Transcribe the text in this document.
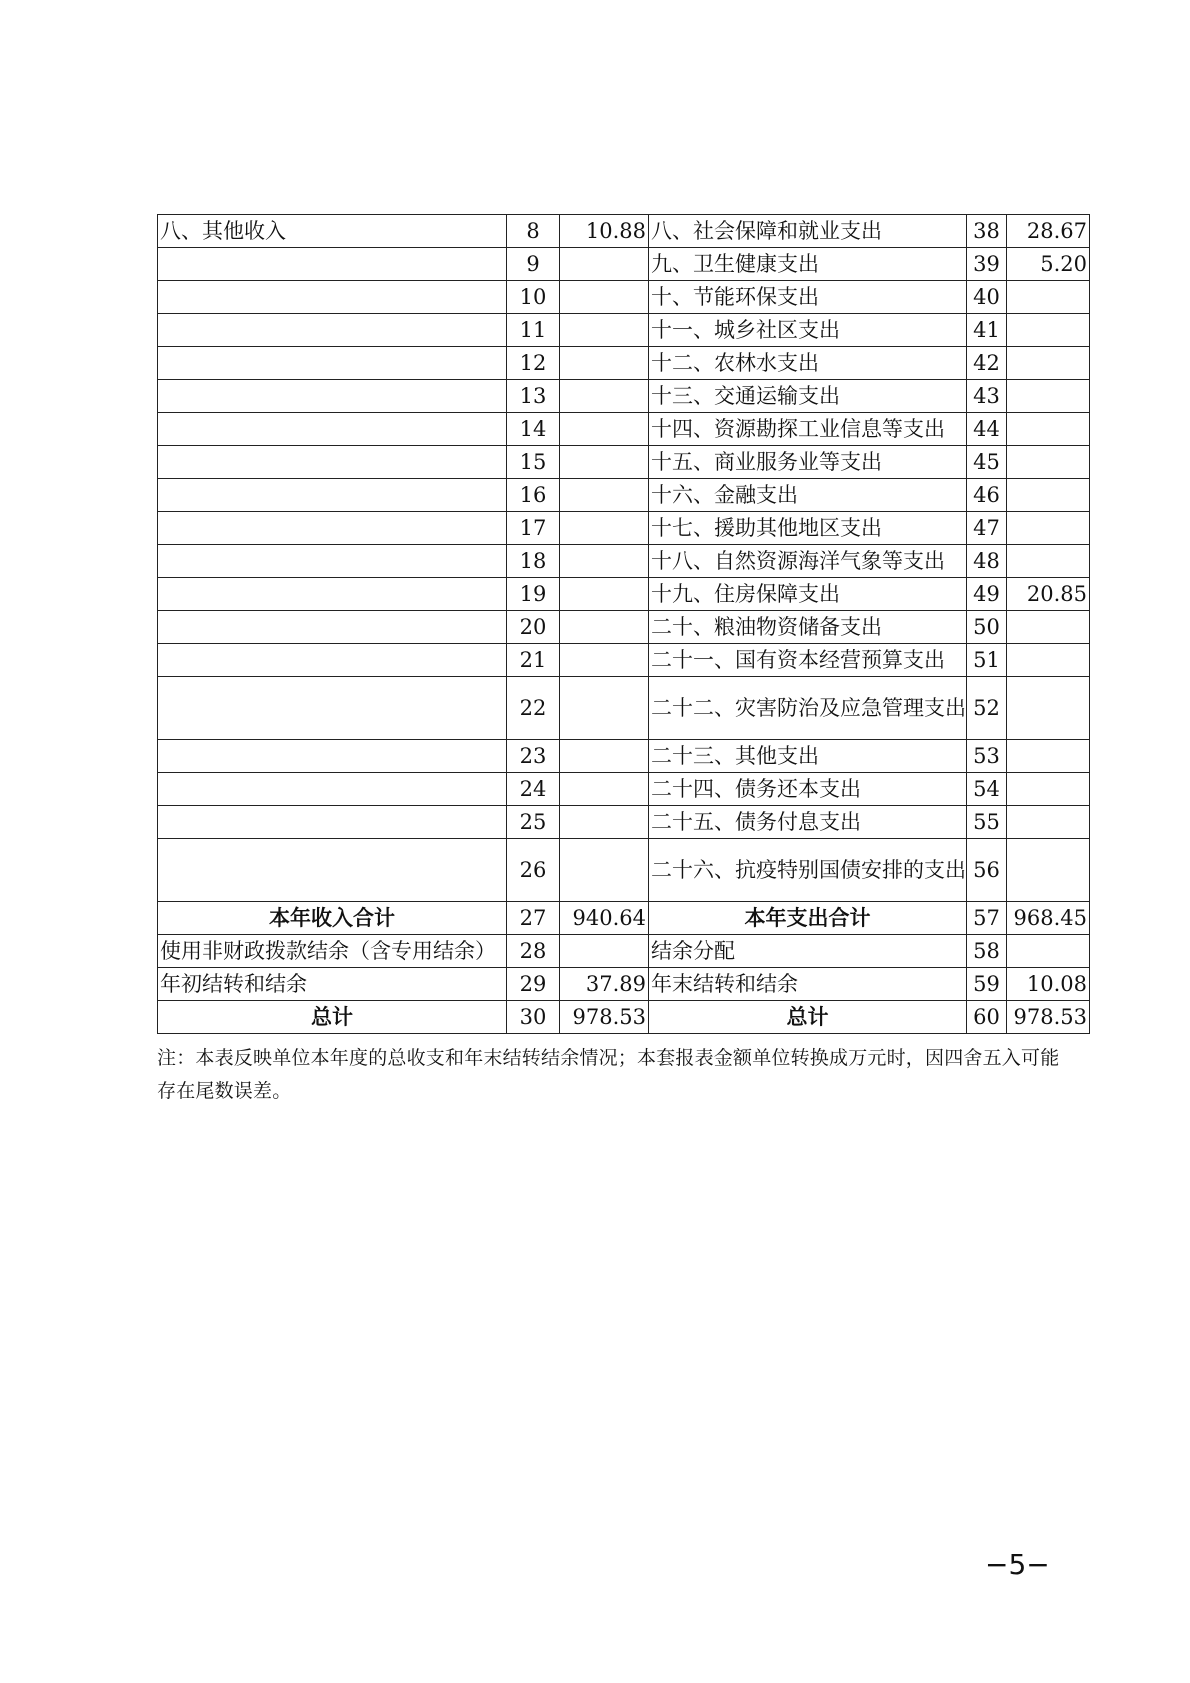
八、其他收入	8	10.88	八、社会保障和就业支出	38	28.67
	9		九、卫生健康支出	39	5.20
	10		十、节能环保支出	40	
	11		十一、城乡社区支出	41	
	12		十二、农林水支出	42	
	13		十三、交通运输支出	43	
	14		十四、资源勘探工业信息等支出	44	
	15		十五、商业服务业等支出	45	
	16		十六、金融支出	46	
	17		十七、援助其他地区支出	47	
	18		十八、自然资源海洋气象等支出	48	
	19		十九、住房保障支出	49	20.85
	20		二十、粮油物资储备支出	50	
	21		二十一、国有资本经营预算支出	51	
	22		二十二、灾害防治及应急管理支出	52	
	23		二十三、其他支出	53	
	24		二十四、债务还本支出	54	
	25		二十五、债务付息支出	55	
	26		二十六、抗疫特别国债安排的支出	56	
本年收入合计	27	940.64	本年支出合计	57	968.45
使用非财政拨款结余（含专用结余）	28		结余分配	58	
年初结转和结余	29	37.89	年末结转和结余	59	10.08
总计	30	978.53	总计	60	978.53
注：本表反映单位本年度的总收支和年末结转结余情况；本套报表金额单位转换成万元时，因四舍五入可能存在尾数误差。
−5−
